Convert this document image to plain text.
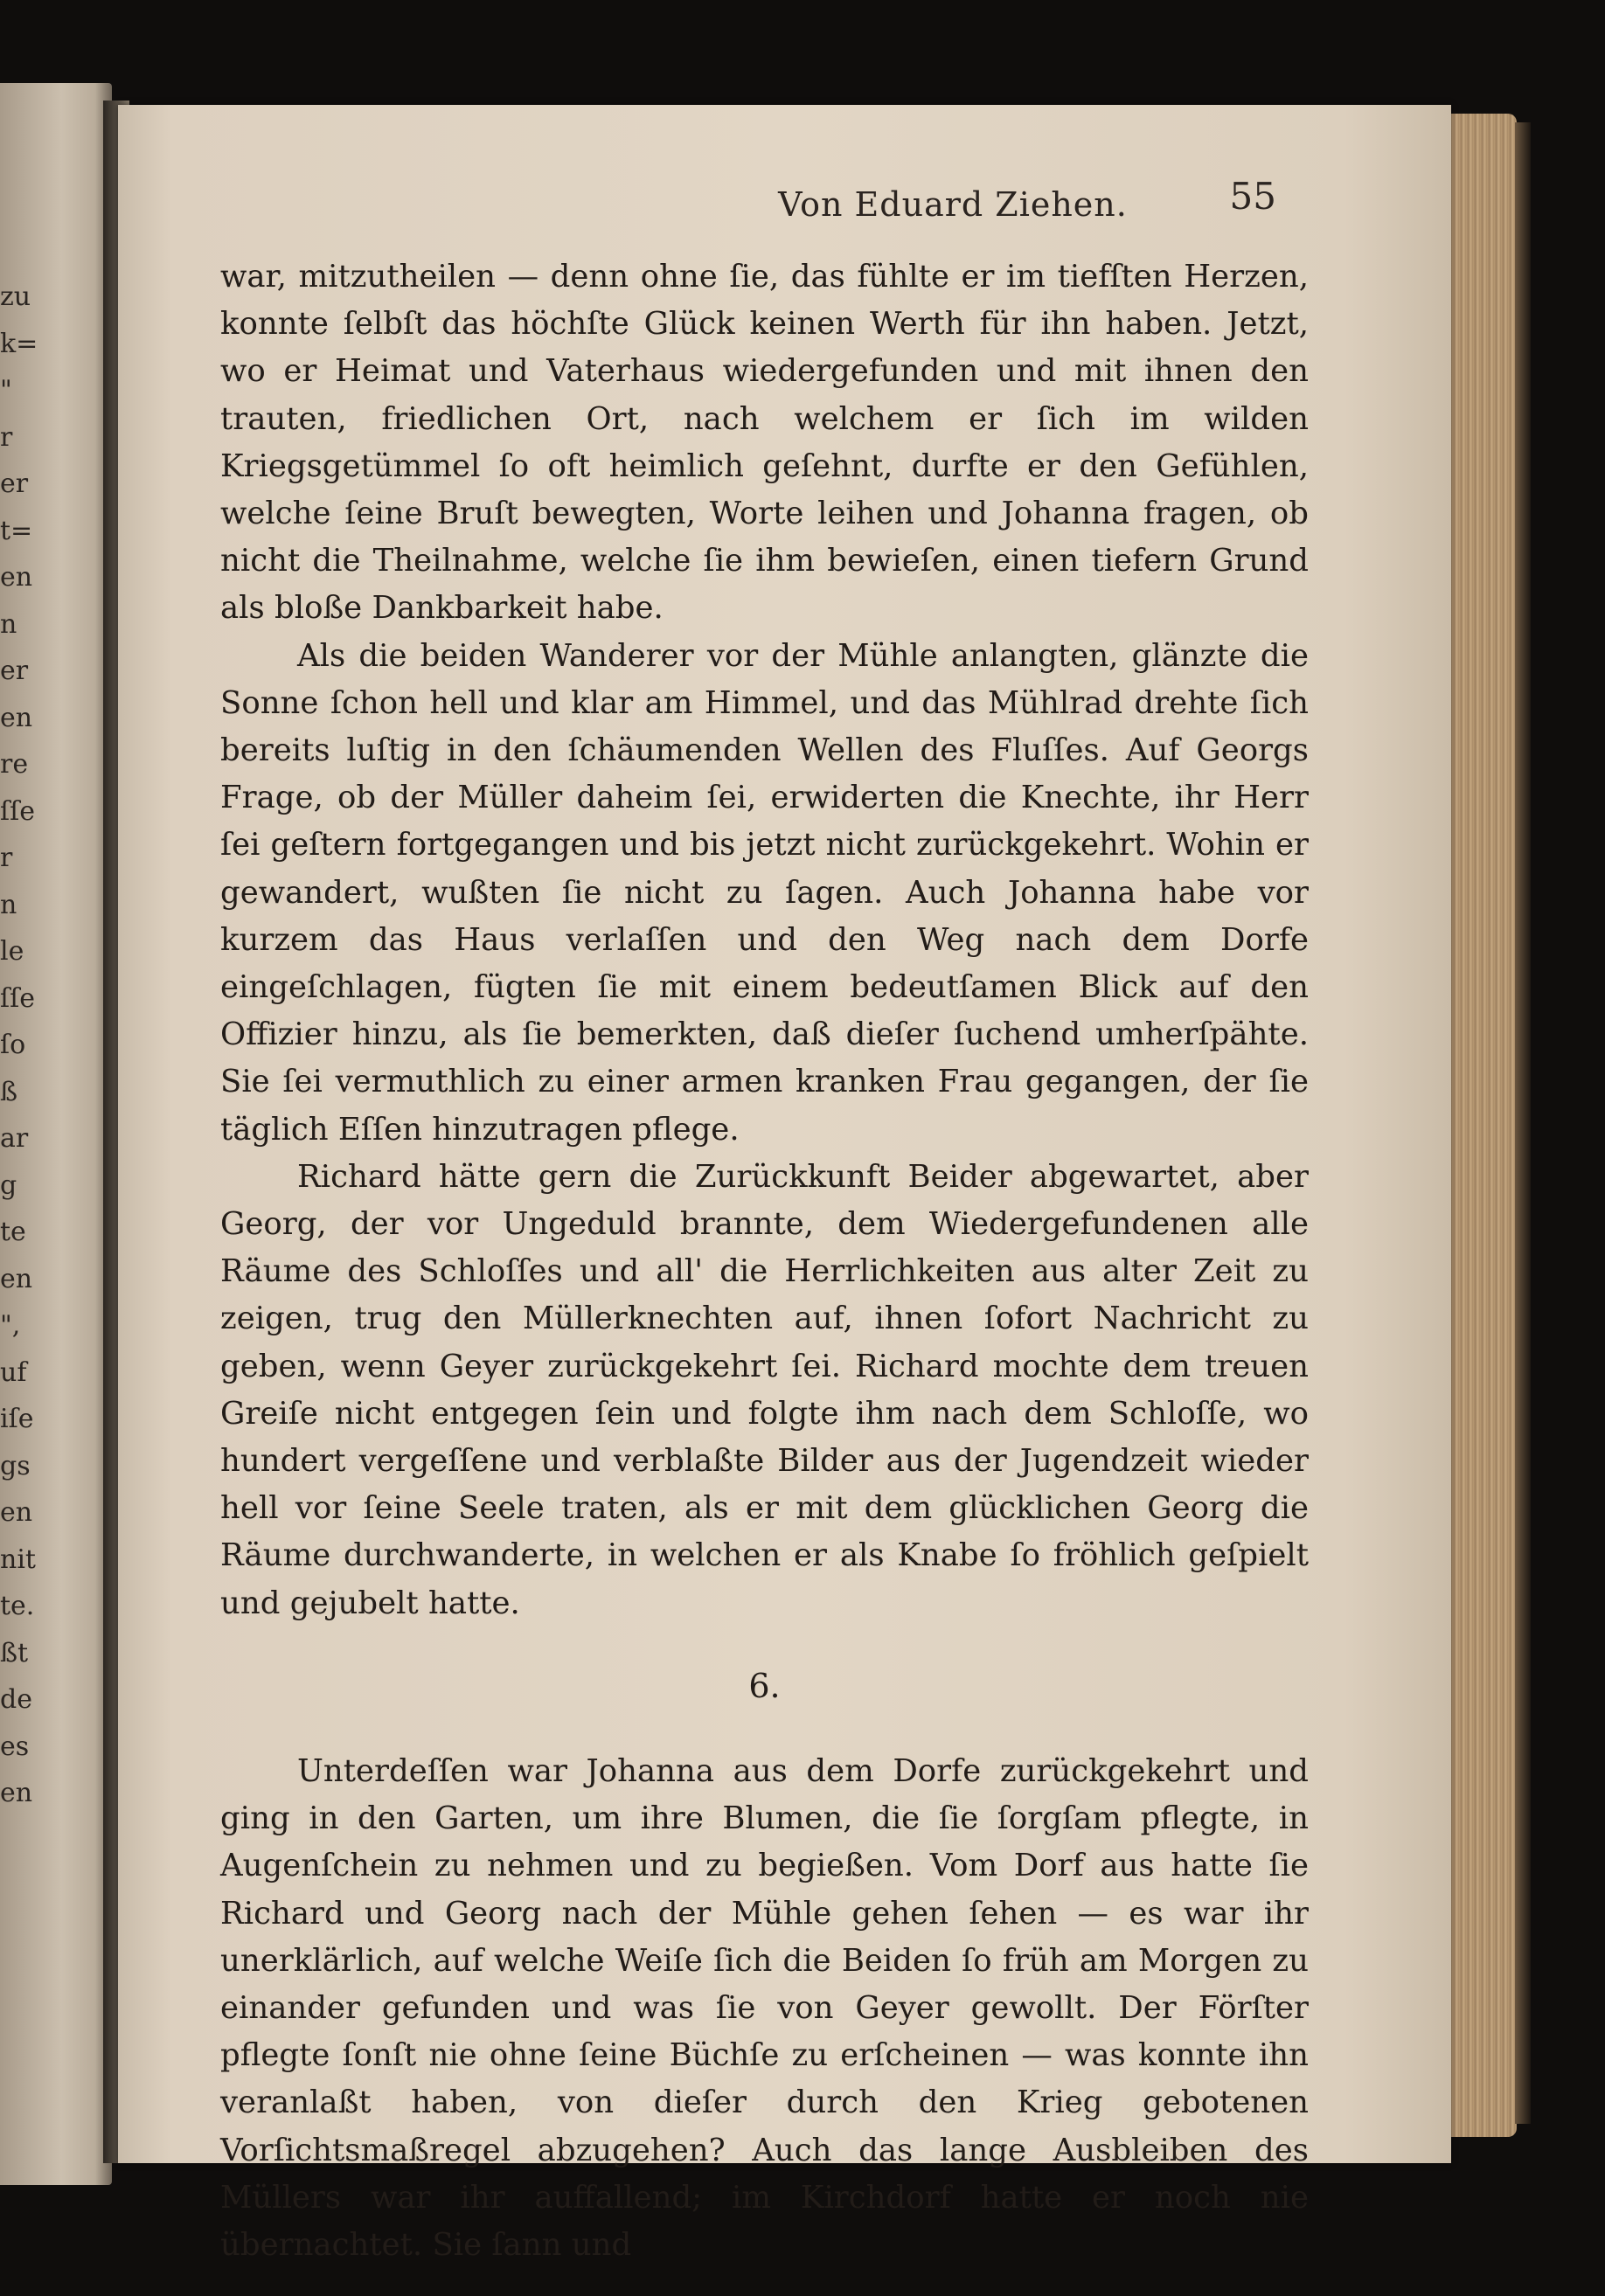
zu
k=
"
r
er
t=
en
n
er
en
re
ſſe
r
n
le
ſſe
ſo
ß
ar
g
te
en
",
uf
iſe
gs
en
nit
te.
ßt
de
es
en
Von Eduard Ziehen.	55

war, mitzutheilen — denn ohne ſie, das fühlte er im tiefſten Herzen, konnte ſelbſt das höchſte Glück keinen Werth für ihn haben. Jetzt, wo er Heimat und Vaterhaus wiedergefunden und mit ihnen den trauten, friedlichen Ort, nach welchem er ſich im wilden Kriegsgetümmel ſo oft heimlich geſehnt, durfte er den Gefühlen, welche ſeine Bruſt bewegten, Worte leihen und Johanna fragen, ob nicht die Theilnahme, welche ſie ihm bewieſen, einen tiefern Grund als bloße Dankbarkeit habe.

Als die beiden Wanderer vor der Mühle anlangten, glänzte die Sonne ſchon hell und klar am Himmel, und das Mühlrad drehte ſich bereits luſtig in den ſchäumenden Wellen des Fluſſes. Auf Georgs Frage, ob der Müller daheim ſei, erwiderten die Knechte, ihr Herr ſei geſtern fortgegangen und bis jetzt nicht zurückgekehrt. Wohin er gewandert, wußten ſie nicht zu ſagen. Auch Johanna habe vor kurzem das Haus verlaſſen und den Weg nach dem Dorfe eingeſchlagen, fügten ſie mit einem bedeutſamen Blick auf den Offizier hinzu, als ſie bemerkten, daß dieſer ſuchend umherſpähte. Sie ſei vermuthlich zu einer armen kranken Frau gegangen, der ſie täglich Eſſen hinzutragen pflege.

Richard hätte gern die Zurückkunft Beider abgewartet, aber Georg, der vor Ungeduld brannte, dem Wiedergefundenen alle Räume des Schloſſes und all' die Herrlichkeiten aus alter Zeit zu zeigen, trug den Müllerknechten auf, ihnen ſofort Nachricht zu geben, wenn Geyer zurückgekehrt ſei. Richard mochte dem treuen Greiſe nicht entgegen ſein und folgte ihm nach dem Schloſſe, wo hundert vergeſſene und verblaßte Bilder aus der Jugendzeit wieder hell vor ſeine Seele traten, als er mit dem glücklichen Georg die Räume durchwanderte, in welchen er als Knabe ſo fröhlich geſpielt und gejubelt hatte.

6.

Unterdeſſen war Johanna aus dem Dorfe zurückgekehrt und ging in den Garten, um ihre Blumen, die ſie ſorgſam pflegte, in Augenſchein zu nehmen und zu begießen. Vom Dorf aus hatte ſie Richard und Georg nach der Mühle gehen ſehen — es war ihr unerklärlich, auf welche Weiſe ſich die Beiden ſo früh am Morgen zu einander gefunden und was ſie von Geyer gewollt. Der Förſter pflegte ſonſt nie ohne ſeine Büchſe zu erſcheinen — was konnte ihn veranlaßt haben, von dieſer durch den Krieg gebotenen Vorſichtsmaßregel abzugehen? Auch das lange Ausbleiben des Müllers war ihr auffallend; im Kirchdorf hatte er noch nie übernachtet. Sie ſann und
